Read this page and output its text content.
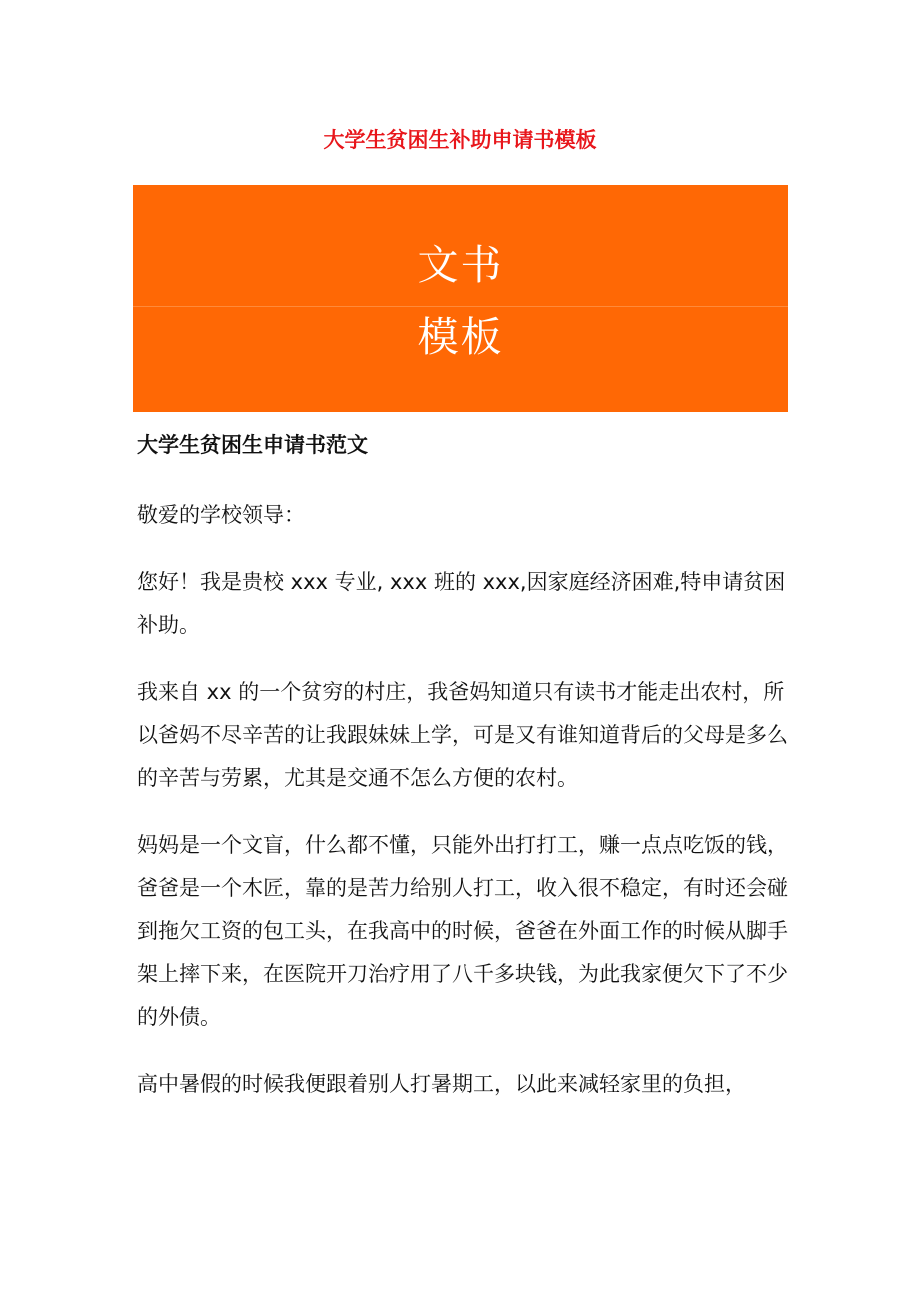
大学生贫困生补助申请书模板
文书
模板

大学生贫困生申请书范文

敬爱的学校领导：

您好！我是贵校 xxx 专业, xxx 班的 xxx,因家庭经济困难,特申请贫困补助。

我来自 xx 的一个贫穷的村庄，我爸妈知道只有读书才能走出农村，所以爸妈不尽辛苦的让我跟妹妹上学，可是又有谁知道背后的父母是多么的辛苦与劳累，尤其是交通不怎么方便的农村。

妈妈是一个文盲，什么都不懂，只能外出打打工，赚一点点吃饭的钱，爸爸是一个木匠，靠的是苦力给别人打工，收入很不稳定，有时还会碰到拖欠工资的包工头，在我高中的时候，爸爸在外面工作的时候从脚手架上摔下来，在医院开刀治疗用了八千多块钱，为此我家便欠下了不少的外债。

高中暑假的时候我便跟着别人打暑期工，以此来减轻家里的负担，
